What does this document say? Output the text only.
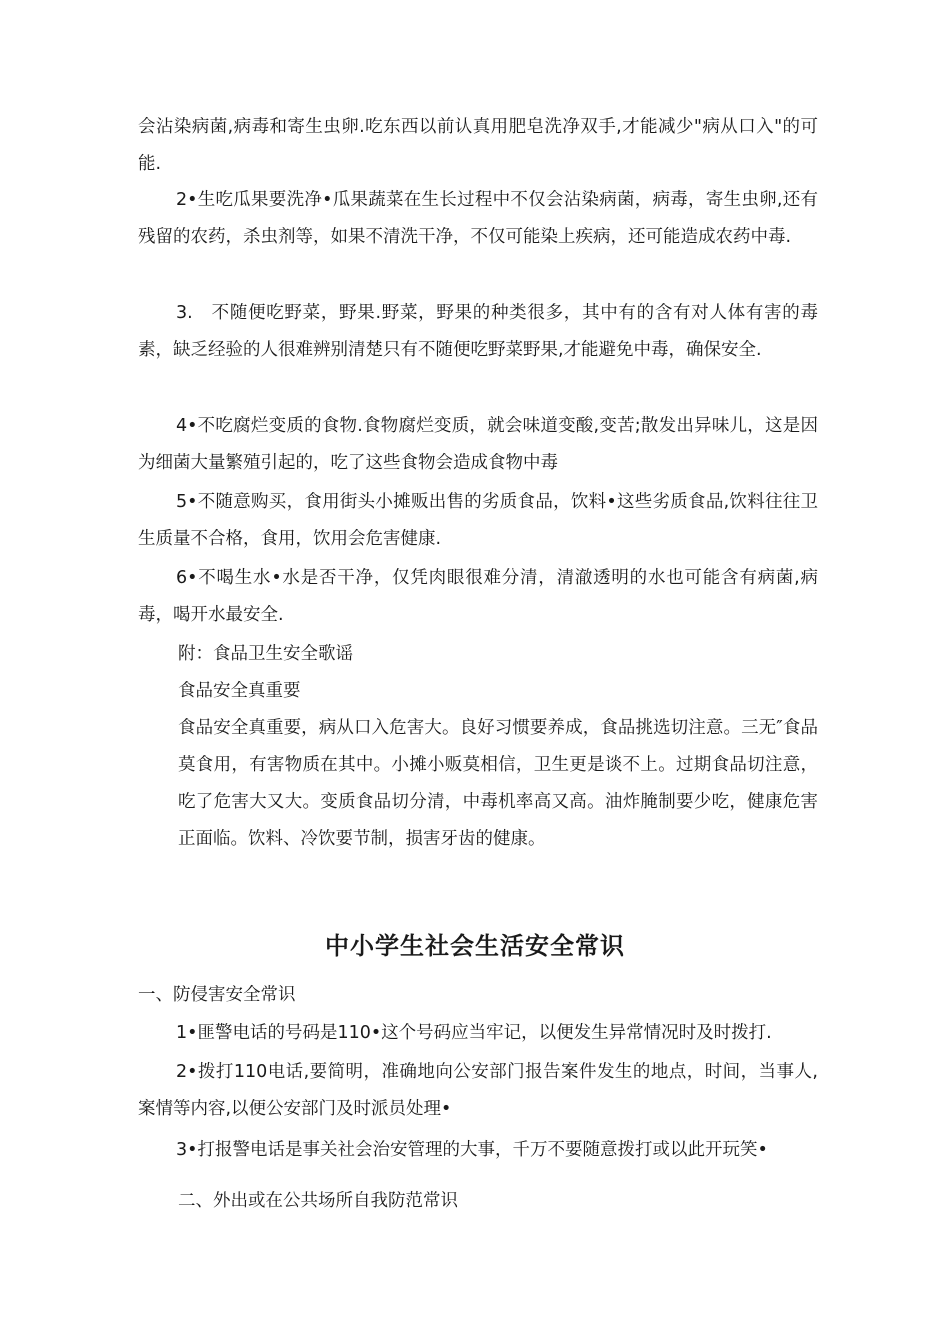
会沾染病菌,病毒和寄生虫卵.吃东西以前认真用肥皂洗净双手,才能减少"病从口入"的可能.

2•生吃瓜果要洗净•瓜果蔬菜在生长过程中不仅会沾染病菌，病毒，寄生虫卵,还有残留的农药，杀虫剂等，如果不清洗干净，不仅可能染上疾病，还可能造成农药中毒.

3.　不随便吃野菜，野果.野菜，野果的种类很多，其中有的含有对人体有害的毒素，缺乏经验的人很难辨别清楚只有不随便吃野菜野果,才能避免中毒，确保安全.

4•不吃腐烂变质的食物.食物腐烂变质，就会味道变酸,变苦;散发出异味儿，这是因为细菌大量繁殖引起的，吃了这些食物会造成食物中毒

5•不随意购买，食用街头小摊贩出售的劣质食品，饮料•这些劣质食品,饮料往往卫生质量不合格，食用，饮用会危害健康.

6•不喝生水•水是否干净，仅凭肉眼很难分清，清澈透明的水也可能含有病菌,病毒，喝开水最安全.

附：食品卫生安全歌谣

食品安全真重要

食品安全真重要，病从口入危害大。良好习惯要养成，食品挑选切注意。三无″食品莫食用，有害物质在其中。小摊小贩莫相信，卫生更是谈不上。过期食品切注意，吃了危害大又大。变质食品切分清，中毒机率高又高。油炸腌制要少吃，健康危害正面临。饮料、冷饮要节制，损害牙齿的健康。

中小学生社会生活安全常识

一、防侵害安全常识

1•匪警电话的号码是110•这个号码应当牢记，以便发生异常情况时及时拨打.

2•拨打110电话,要简明，准确地向公安部门报告案件发生的地点，时间，当事人,案情等内容,以便公安部门及时派员处理•

3•打报警电话是事关社会治安管理的大事，千万不要随意拨打或以此开玩笑•

二、外出或在公共场所自我防范常识
